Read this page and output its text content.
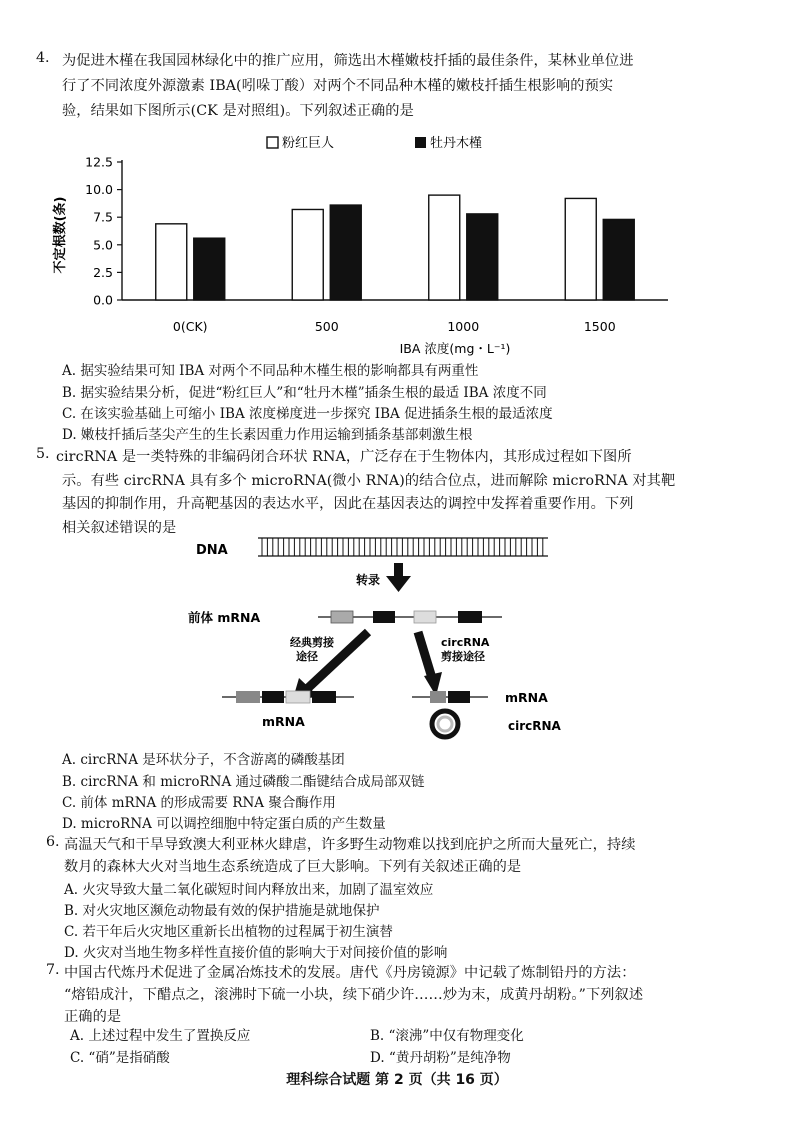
4. 为促进木槿在我国园林绿化中的推广应用，筛选出木槿嫩枝扦插的最佳条件，某林业单位进
行了不同浓度外源激素 IBA(吲哚丁酸）对两个不同品种木槿的嫩枝扦插生根影响的预实
验，结果如下图所示(CK 是对照组)。下列叙述正确的是
粉红巨人	牡丹木槿
不定根数(条)
0.0
2.5
5.0
7.5
10.0
12.5
0(CK)	500	1000	1500
IBA 浓度(mg・L⁻¹)
A. 据实验结果可知 IBA 对两个不同品种木槿生根的影响都具有两重性
B. 据实验结果分析，促进“粉红巨人”和“牡丹木槿”插条生根的最适 IBA 浓度不同
C. 在该实验基础上可缩小 IBA 浓度梯度进一步探究 IBA 促进插条生根的最适浓度
D. 嫩枝扦插后茎尖产生的生长素因重力作用运输到插条基部刺激生根
5. circRNA 是一类特殊的非编码闭合环状 RNA，广泛存在于生物体内，其形成过程如下图所
示。有些 circRNA 具有多个 microRNA(微小 RNA)的结合位点，进而解除 microRNA 对其靶
基因的抑制作用，升高靶基因的表达水平，因此在基因表达的调控中发挥着重要作用。下列
相关叙述错误的是
DNA
转录
前体 mRNA
经典剪接
途径
circRNA
剪接途径
mRNA
mRNA
circRNA
A. circRNA 是环状分子，不含游离的磷酸基团
B. circRNA 和 microRNA 通过磷酸二酯键结合成局部双链
C. 前体 mRNA 的形成需要 RNA 聚合酶作用
D. microRNA 可以调控细胞中特定蛋白质的产生数量
6. 高温天气和干旱导致澳大利亚林火肆虐，许多野生动物难以找到庇护之所而大量死亡，持续
数月的森林大火对当地生态系统造成了巨大影响。下列有关叙述正确的是
A. 火灾导致大量二氧化碳短时间内释放出来，加剧了温室效应
B. 对火灾地区濒危动物最有效的保护措施是就地保护
C. 若干年后火灾地区重新长出植物的过程属于初生演替
D. 火灾对当地生物多样性直接价值的影响大于对间接价值的影响
7. 中国古代炼丹术促进了金属冶炼技术的发展。唐代《丹房镜源》中记载了炼制铅丹的方法：
“熔铅成汁，下醋点之，滚沸时下硫一小块，续下硝少许……炒为末，成黄丹胡粉。”下列叙述
正确的是
A. 上述过程中发生了置换反应	B. “滚沸”中仅有物理变化
C. “硝”是指硝酸	D. “黄丹胡粉”是纯净物
理科综合试题 第 2 页（共 16 页）
